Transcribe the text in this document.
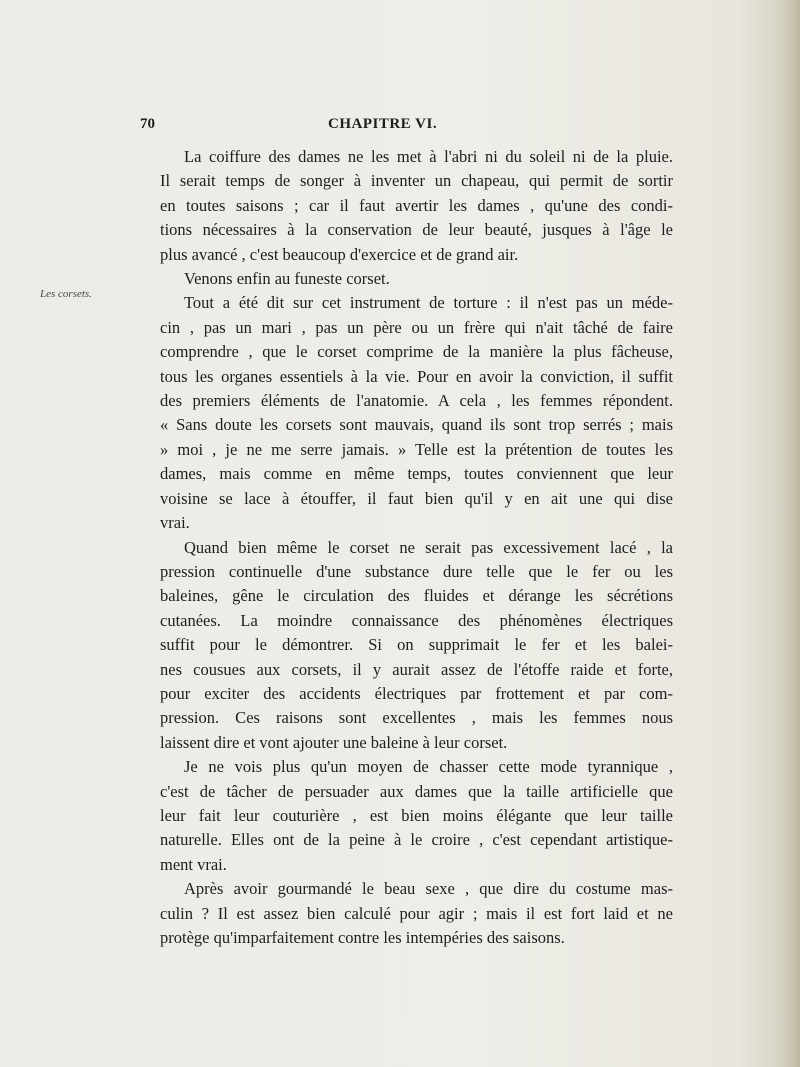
70	CHAPITRE VI.
Les corsets.
La coiffure des dames ne les met à l'abri ni du soleil ni de la pluie.
Il serait temps de songer à inventer un chapeau, qui permit de sortir
en toutes saisons ; car il faut avertir les dames , qu'une des condi-
tions nécessaires à la conservation de leur beauté, jusques à l'âge le
plus avancé , c'est beaucoup d'exercice et de grand air.
Venons enfin au funeste corset.
Tout a été dit sur cet instrument de torture : il n'est pas un méde-
cin , pas un mari , pas un père ou un frère qui n'ait tâché de faire
comprendre , que le corset comprime de la manière la plus fâcheuse,
tous les organes essentiels à la vie. Pour en avoir la conviction, il suffit
des premiers éléments de l'anatomie. A cela , les femmes répondent.
« Sans doute les corsets sont mauvais, quand ils sont trop serrés ; mais
» moi , je ne me serre jamais. » Telle est la prétention de toutes les
dames, mais comme en même temps, toutes conviennent que leur
voisine se lace à étouffer, il faut bien qu'il y en ait une qui dise
vrai.
Quand bien même le corset ne serait pas excessivement lacé , la
pression continuelle d'une substance dure telle que le fer ou les
baleines, gêne le circulation des fluides et dérange les sécrétions
cutanées. La moindre connaissance des phénomènes électriques
suffit pour le démontrer. Si on supprimait le fer et les balei-
nes cousues aux corsets, il y aurait assez de l'étoffe raide et forte,
pour exciter des accidents électriques par frottement et par com-
pression. Ces raisons sont excellentes , mais les femmes nous
laissent dire et vont ajouter une baleine à leur corset.
Je ne vois plus qu'un moyen de chasser cette mode tyrannique ,
c'est de tâcher de persuader aux dames que la taille artificielle que
leur fait leur couturière , est bien moins élégante que leur taille
naturelle. Elles ont de la peine à le croire , c'est cependant artistique-
ment vrai.
Après avoir gourmandé le beau sexe , que dire du costume mas-
culin ? Il est assez bien calculé pour agir ; mais il est fort laid et ne
protège qu'imparfaitement contre les intempéries des saisons.
